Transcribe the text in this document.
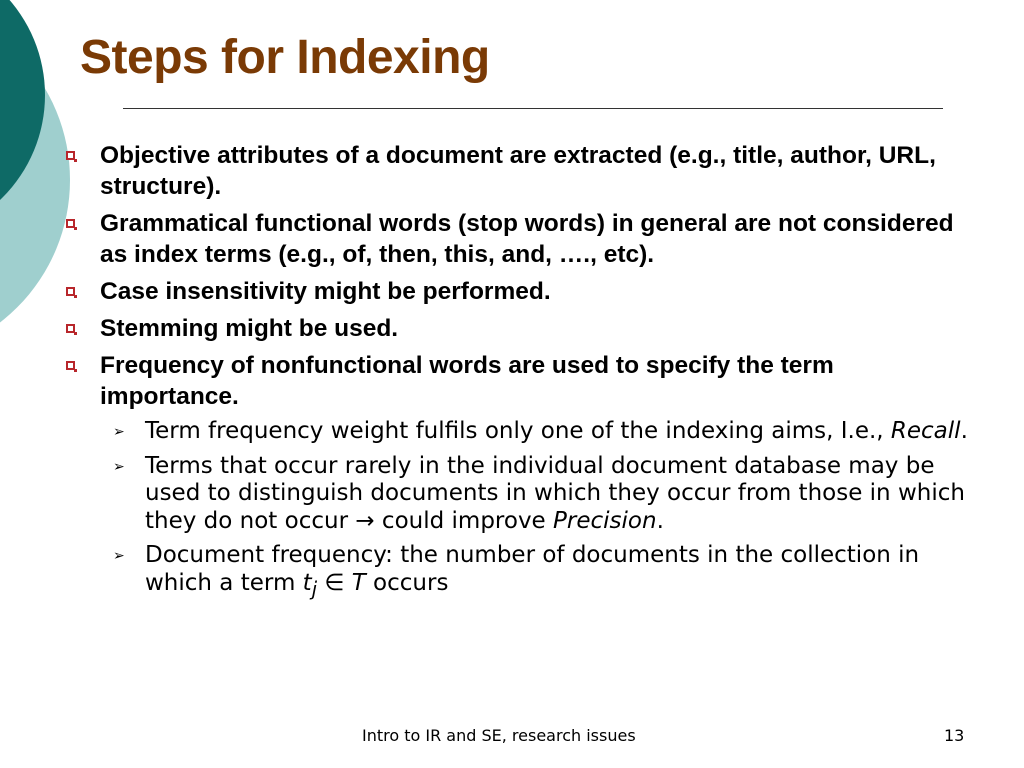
Steps for Indexing
Objective attributes of a document are extracted (e.g., title, author, URL, structure).
Grammatical functional words (stop words) in general are not considered as index terms (e.g., of, then, this, and, …., etc).
Case insensitivity might be performed.
Stemming might be used.
Frequency of nonfunctional words are used to specify the term importance.
➢ Term frequency weight fulfils only one of the indexing aims, I.e., Recall.
➢ Terms that occur rarely in the individual document database may be used to distinguish documents in which they occur from those in which they do not occur → could improve Precision.
➢ Document frequency: the number of documents in the collection in which a term $t_j$ ∈ T occurs
Intro to IR and SE, research issues	13
